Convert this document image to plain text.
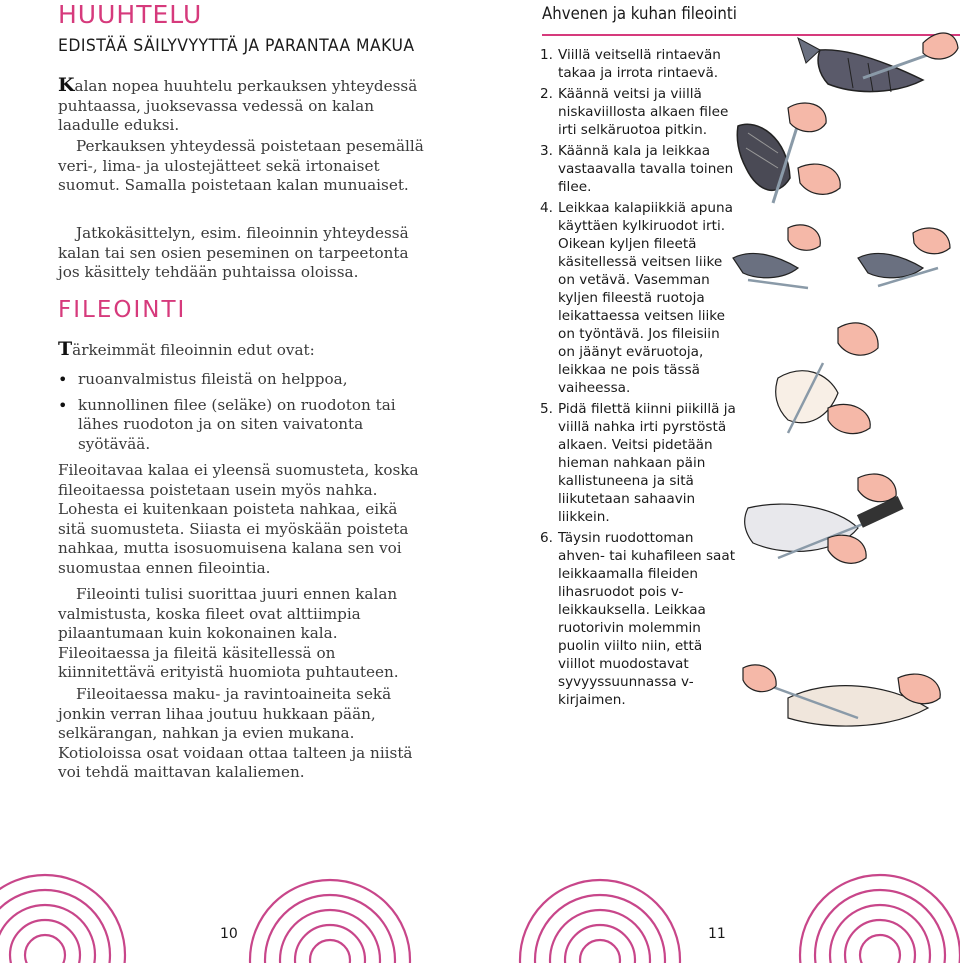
HUUHTELU
EDISTÄÄ SÄILYVYYTTÄ JA PARANTAA MAKUA

Kalan nopea huuhtelu perkauksen yhteydessä puhtaassa, juoksevassa vedessä on kalan laadulle eduksi.

Perkauksen yhteydessä poistetaan pesemällä veri-, lima- ja ulostejätteet sekä irtonaiset suomut. Samalla poistetaan kalan munuaiset.

Jatkokäsittelyn, esim. fileoinnin yhteydessä kalan tai sen osien peseminen on tarpeetonta jos käsittely tehdään puhtaissa oloissa.

FILEOINTI

Tärkeimmät fileoinnin edut ovat:

• ruoanvalmistus fileistä on helppoa,
• kunnollinen filee (seläke) on ruodoton tai lähes ruodoton ja on siten vaivatonta syötävää.

Fileoitavaa kalaa ei yleensä suomusteta, koska fileoitaessa poistetaan usein myös nahka. Lohesta ei kuitenkaan poisteta nahkaa, eikä sitä suomusteta. Siiasta ei myöskään poisteta nahkaa, mutta isosuomuisena kalana sen voi suomustaa ennen fileointia.

Fileointi tulisi suorittaa juuri ennen kalan valmistusta, koska fileet ovat alttiimpia pilaantumaan kuin kokonainen kala. Fileoitaessa ja fileitä käsitellessä on kiinnitettävä erityistä huomiota puhtauteen.

Fileoitaessa maku- ja ravintoaineita sekä jonkin verran lihaa joutuu hukkaan pään, selkärangan, nahkan ja evien mukana. Kotioloissa osat voidaan ottaa talteen ja niistä voi tehdä maittavan kalaliemen.

Ahvenen ja kuhan fileointi
1. Viillä veitsellä rintaevän takaa ja irrota rintaevä.
2. Käännä veitsi ja viillä niskaviillosta alkaen filee irti selkäruotoa pitkin.
3. Käännä kala ja leikkaa vastaavalla tavalla toinen filee.
4. Leikkaa kalapiikkiä apuna käyttäen kylkiruodot irti. Oikean kyljen fileetä käsitellessä veitsen liike on vetävä. Vasemman kyljen fileestä ruotoja leikattaessa veitsen liike on työntävä. Jos fileisiin on jäänyt eväruotoja, leikkaa ne pois tässä vaiheessa.
5. Pidä filettä kiinni piikillä ja viillä nahka irti pyrstöstä alkaen. Veitsi pidetään hieman nahkaan päin kallistuneena ja sitä liikutetaan sahaavin liikkein.
6. Täysin ruodottoman ahven- tai kuhafileen saat leikkaamalla fileiden lihasruodot pois v-leikkauksella. Leikkaa ruotorivin molemmin puolin viilto niin, että viillot muodostavat syvyyssuunnassa v-kirjaimen.
10	11
